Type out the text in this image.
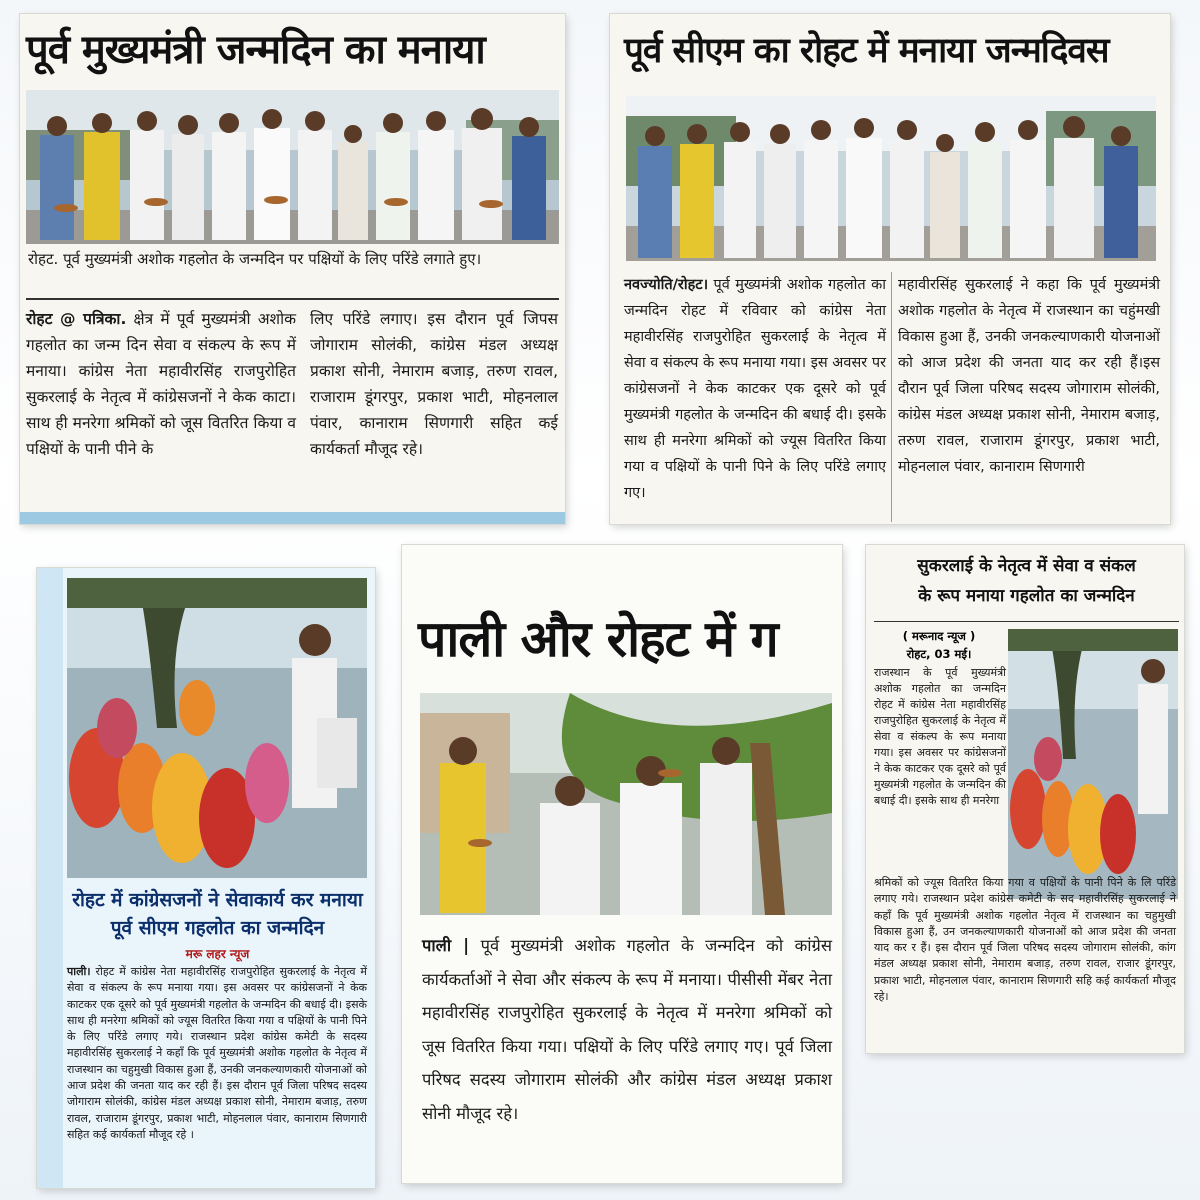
पूर्व मुख्यमंत्री जन्मदिन का मनाया
रोहट. पूर्व मुख्यमंत्री अशोक गहलोत के जन्मदिन पर पक्षियों के लिए परिंडे लगाते हुए।
रोहट @ पत्रिका. क्षेत्र में पूर्व मुख्यमंत्री अशोक गहलोत का जन्म दिन सेवा व संकल्प के रूप में मनाया। कांग्रेस नेता महावीरसिंह राजपुरोहित सुकरलाई के नेतृत्व में कांग्रेसजनों ने केक काटा। साथ ही मनरेगा श्रमिकों को जूस वितरित किया व पक्षियों के पानी पीने के
लिए परिंडे लगाए। इस दौरान पूर्व जिपस जोगाराम सोलंकी, कांग्रेस मंडल अध्यक्ष प्रकाश सोनी, नेमाराम बजाड़, तरुण रावल, राजाराम डूंगरपुर, प्रकाश भाटी, मोहनलाल पंवार, कानाराम सिणगारी सहित कई कार्यकर्ता मौजूद रहे।
पूर्व सीएम का रोहट में मनाया जन्मदिवस
नवज्योति/रोहट। पूर्व मुख्यमंत्री अशोक गहलोत का जन्मदिन रोहट में रविवार को कांग्रेस नेता महावीरसिंह राजपुरोहित सुकरलाई के नेतृत्व में सेवा व संकल्प के रूप मनाया गया। इस अवसर पर कांग्रेसजनों ने केक काटकर एक दूसरे को पूर्व मुख्यमंत्री गहलोत के जन्मदिन की बधाई दी। इसके साथ ही मनरेगा श्रमिकों को ज्यूस वितरित किया गया व पक्षियों के पानी पिने के लिए परिंडे लगाए गए।
महावीरसिंह सुकरलाई ने कहा कि पूर्व मुख्यमंत्री अशोक गहलोत के नेतृत्व में राजस्थान का चहुंमखी विकास हुआ हैं, उनकी जनकल्याणकारी योजनाओं को आज प्रदेश की जनता याद कर रही हैं।इस दौरान पूर्व जिला परिषद सदस्य जोगाराम सोलंकी, कांग्रेस मंडल अध्यक्ष प्रकाश सोनी, नेमाराम बजाड़, तरुण रावल, राजाराम डूंगरपुर, प्रकाश भाटी, मोहनलाल पंवार, कानाराम सिणगारी
रोहट में कांग्रेसजनों ने सेवाकार्य कर मनाया पूर्व सीएम गहलोत का जन्मदिन
मरू लहर न्यूज
पाली। रोहट में कांग्रेस नेता महावीरसिंह राजपुरोहित सुकरलाई के नेतृत्व में सेवा व संकल्प के रूप मनाया गया। इस अवसर पर कांग्रेसजनों ने केक काटकर एक दूसरे को पूर्व मुख्यमंत्री गहलोत के जन्मदिन की बधाई दी। इसके साथ ही मनरेगा श्रमिकों को ज्यूस वितरित किया गया व पक्षियों के पानी पिने के लिए परिंडे लगाए गये। राजस्थान प्रदेश कांग्रेस कमेटी के सदस्य महावीरसिंह सुकरलाई ने कहाँ कि पूर्व मुख्यमंत्री अशोक गहलोत के नेतृत्व में राजस्थान का चहुमुखी विकास हुआ हैं, उनकी जनकल्याणकारी योजनाओं को आज प्रदेश की जनता याद कर रही हैं। इस दौरान पूर्व जिला परिषद सदस्य जोगाराम सोलंकी, कांग्रेस मंडल अध्यक्ष प्रकाश सोनी, नेमाराम बजाड़, तरुण रावल, राजाराम डूंगरपुर, प्रकाश भाटी, मोहनलाल पंवार, कानाराम सिणगारी सहित कई कार्यकर्ता मौजूद रहे ।
पाली और रोहट में ग
पाली | पूर्व मुख्यमंत्री अशोक गहलोत के जन्मदिन को कांग्रेस कार्यकर्ताओं ने सेवा और संकल्प के रूप में मनाया। पीसीसी मेंबर नेता महावीरसिंह राजपुरोहित सुकरलाई के नेतृत्व में मनरेगा श्रमिकों को जूस वितरित किया गया। पक्षियों के लिए परिंडे लगाए गए। पूर्व जिला परिषद सदस्य जोगाराम सोलंकी और कांग्रेस मंडल अध्यक्ष प्रकाश सोनी मौजूद रहे।
सुकरलाई के नेतृत्व में सेवा व संकल
के रूप मनाया गहलोत का जन्मदिन
( मरूनाद न्यूज )
रोहट, 03 मई।
राजस्थान के पूर्व मुख्यमंत्री अशोक गहलोत का जन्मदिन रोहट में कांग्रेस नेता महावीरसिंह राजपुरोहित सुकरलाई के नेतृत्व में सेवा व संकल्प के रूप मनाया गया। इस अवसर पर कांग्रेसजनों ने केक काटकर एक दूसरे को पूर्व मुख्यमंत्री गहलोत के जन्मदिन की बधाई दी। इसके साथ ही मनरेगा
श्रमिकों को ज्यूस वितरित किया गया व पक्षियों के पानी पिने के लि परिंडे लगाए गये। राजस्थान प्रदेश कांग्रेस कमेटी के सद महावीरसिंह सुकरलाई ने कहाँ कि पूर्व मुख्यमंत्री अशोक गहलोत नेतृत्व में राजस्थान का चहुमुखी विकास हुआ हैं, उन जनकल्याणकारी योजनाओं को आज प्रदेश की जनता याद कर र हैं। इस दौरान पूर्व जिला परिषद सदस्य जोगाराम सोलंकी, कांग मंडल अध्यक्ष प्रकाश सोनी, नेमाराम बजाड़, तरुण रावल, राजार डूंगरपुर, प्रकाश भाटी, मोहनलाल पंवार, कानाराम सिणगारी सहि कई कार्यकर्ता मौजूद रहे।
